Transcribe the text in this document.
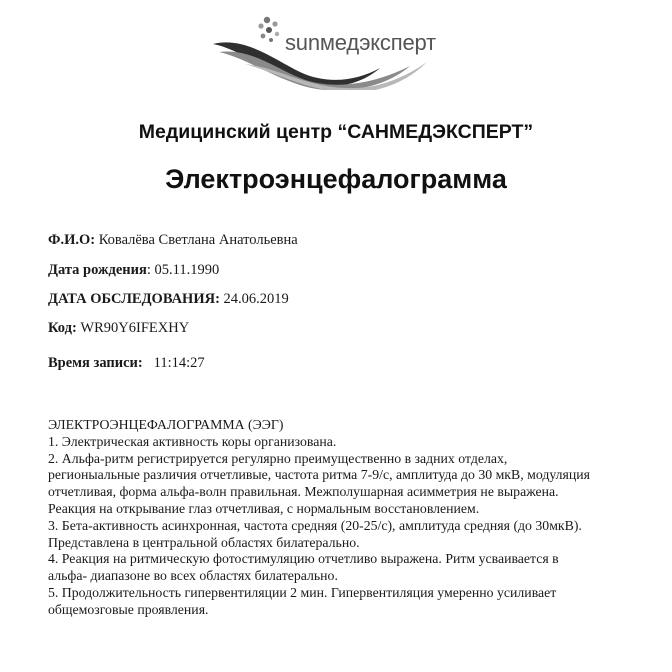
sunмедэксперт
Медицинский центр “САНМЕДЭКСПЕРТ”
Электроэнцефалограмма
Ф.И.О: Ковалёва Светлана Анатольевна
Дата рождения: 05.11.1990
ДАТА ОБСЛЕДОВАНИЯ: 24.06.2019
Код: WR90Y6IFEXHY
Время записи: 11:14:27
ЭЛЕКТРОЭНЦЕФАЛОГРАММА (ЭЭГ)
1. Электрическая активность коры организована.
2. Альфа-ритм регистрируется регулярно преимущественно в задних отделах,
регионыальные различия отчетливые, частота ритма 7-9/с, амплитуда до 30 мкВ, модуляция
отчетливая, форма альфа-волн правильная. Межполушарная асимметрия не выражена.
Реакция на открывание глаз отчетливая, с нормальным восстановлением.
3. Бета-активность асинхронная, частота средняя (20-25/с), амплитуда средняя (до 30мкВ).
Представлена в центральной областях билатерально.
4. Реакция на ритмическую фотостимуляцию отчетливо выражена. Ритм усваивается в
альфа- диапазоне во всех областях билатерально.
5. Продолжительность гипервентиляции 2 мин. Гипервентиляция умеренно усиливает
общемозговые проявления.
